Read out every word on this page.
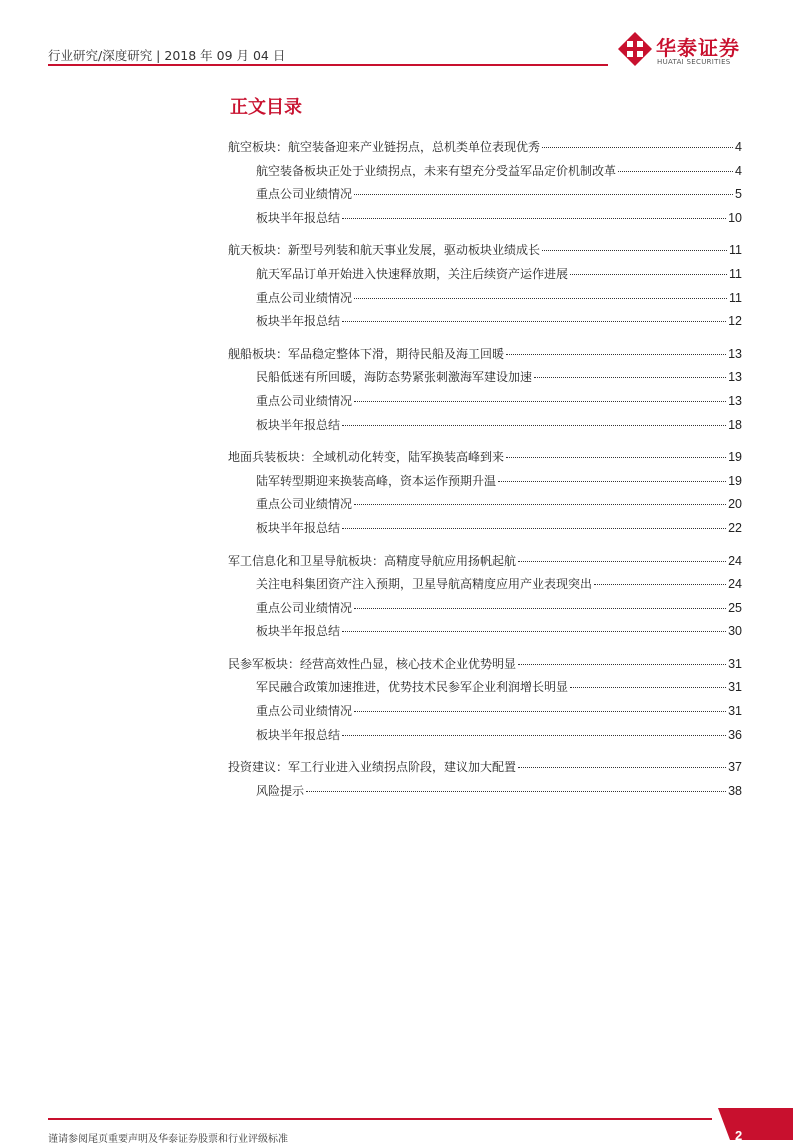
行业研究/深度研究 | 2018 年 09 月 04 日	华泰证券
HUATAI SECURITIES
正文目录
航空板块：航空装备迎来产业链拐点，总机类单位表现优秀	4
航空装备板块正处于业绩拐点，未来有望充分受益军品定价机制改革	4
重点公司业绩情况	5
板块半年报总结	10
航天板块：新型号列装和航天事业发展，驱动板块业绩成长	11
航天军品订单开始进入快速释放期，关注后续资产运作进展	11
重点公司业绩情况	11
板块半年报总结	12
舰船板块：军品稳定整体下滑，期待民船及海工回暖	13
民船低迷有所回暖，海防态势紧张刺激海军建设加速	13
重点公司业绩情况	13
板块半年报总结	18
地面兵装板块：全域机动化转变，陆军换装高峰到来	19
陆军转型期迎来换装高峰，资本运作预期升温	19
重点公司业绩情况	20
板块半年报总结	22
军工信息化和卫星导航板块：高精度导航应用扬帆起航	24
关注电科集团资产注入预期，卫星导航高精度应用产业表现突出	24
重点公司业绩情况	25
板块半年报总结	30
民参军板块：经营高效性凸显，核心技术企业优势明显	31
军民融合政策加速推进，优势技术民参军企业利润增长明显	31
重点公司业绩情况	31
板块半年报总结	36
投资建议：军工行业进入业绩拐点阶段，建议加大配置	37
风险提示	38
谨请参阅尾页重要声明及华泰证券股票和行业评级标准	2
